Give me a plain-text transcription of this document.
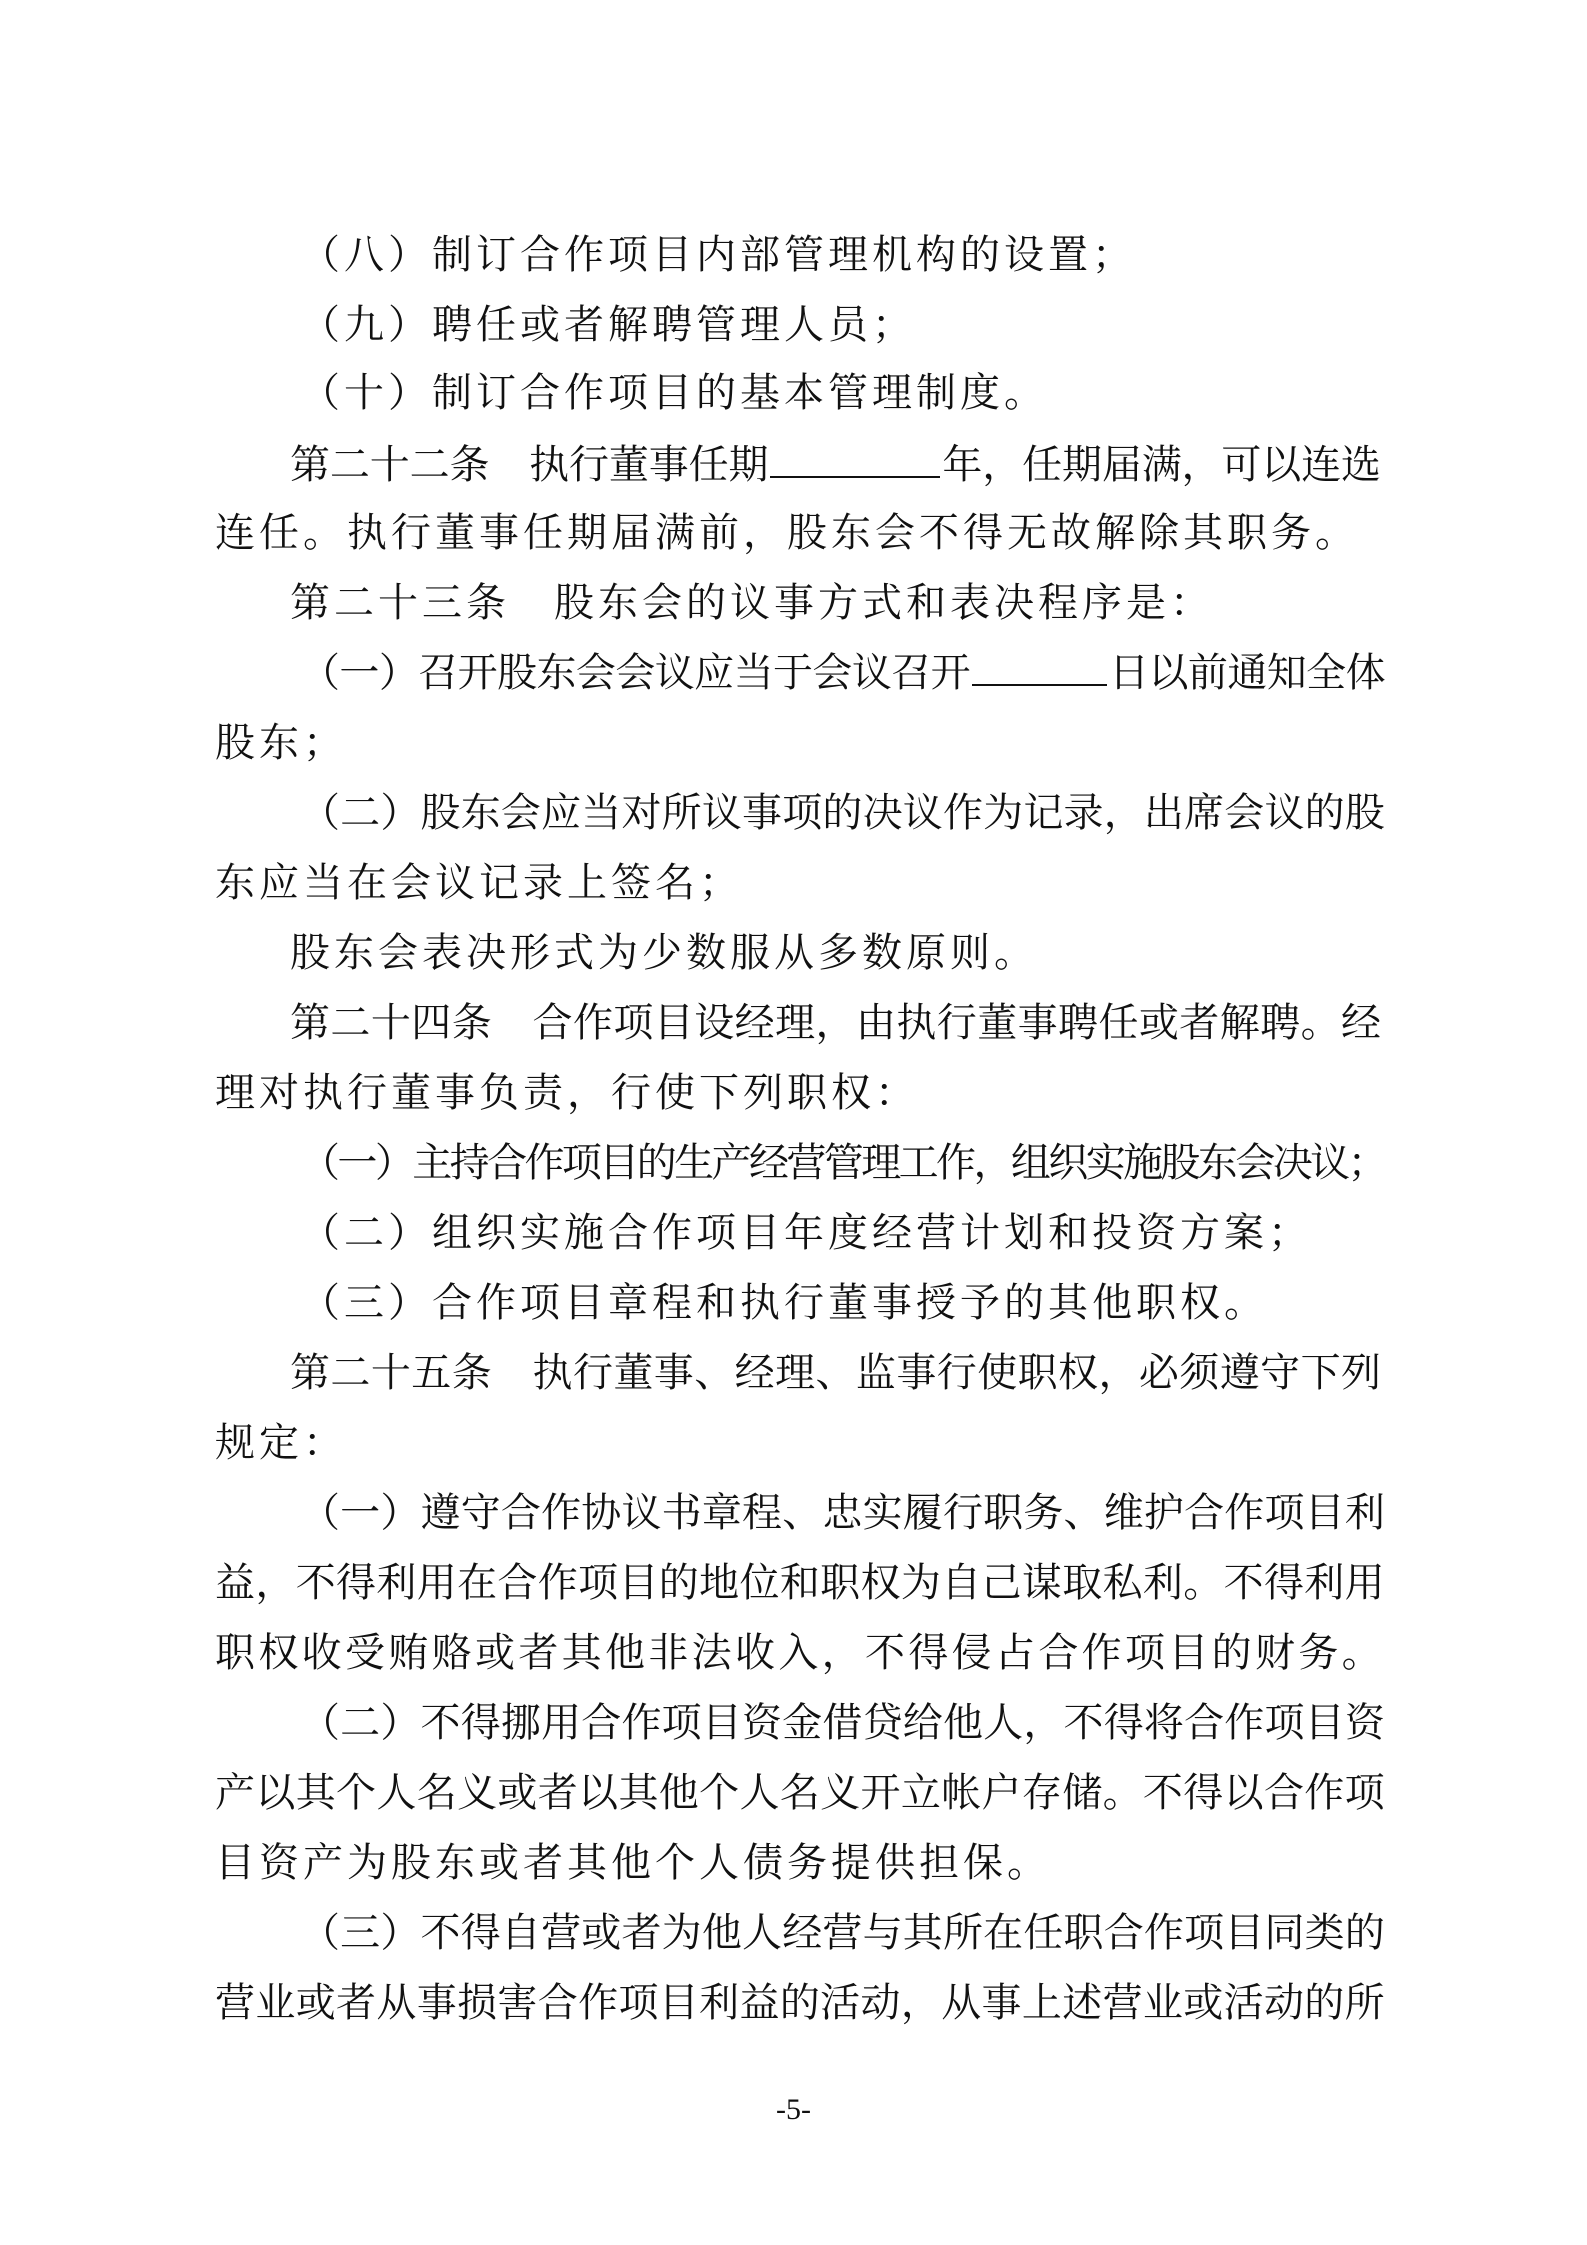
（八）制订合作项目内部管理机构的设置；
（九）聘任或者解聘管理人员；
（十）制订合作项目的基本管理制度。
第二十二条　执行董事任期	年，任期届满，可以连选
连任。执行董事任期届满前，股东会不得无故解除其职务。
第二十三条　股东会的议事方式和表决程序是：
（一）召开股东会会议应当于会议召开	日以前通知全体
股东；
（二）股东会应当对所议事项的决议作为记录，出席会议的股
东应当在会议记录上签名；
股东会表决形式为少数服从多数原则。
第二十四条　合作项目设经理，由执行董事聘任或者解聘。经
理对执行董事负责，行使下列职权：
（一）主持合作项目的生产经营管理工作，组织实施股东会决议；
（二）组织实施合作项目年度经营计划和投资方案；
（三）合作项目章程和执行董事授予的其他职权。
第二十五条　执行董事、经理、监事行使职权，必须遵守下列
规定：
（一）遵守合作协议书章程、忠实履行职务、维护合作项目利
益，不得利用在合作项目的地位和职权为自己谋取私利。不得利用
职权收受贿赂或者其他非法收入，不得侵占合作项目的财务。
（二）不得挪用合作项目资金借贷给他人，不得将合作项目资
产以其个人名义或者以其他个人名义开立帐户存储。不得以合作项
目资产为股东或者其他个人债务提供担保。
（三）不得自营或者为他人经营与其所在任职合作项目同类的
营业或者从事损害合作项目利益的活动，从事上述营业或活动的所
-5-
